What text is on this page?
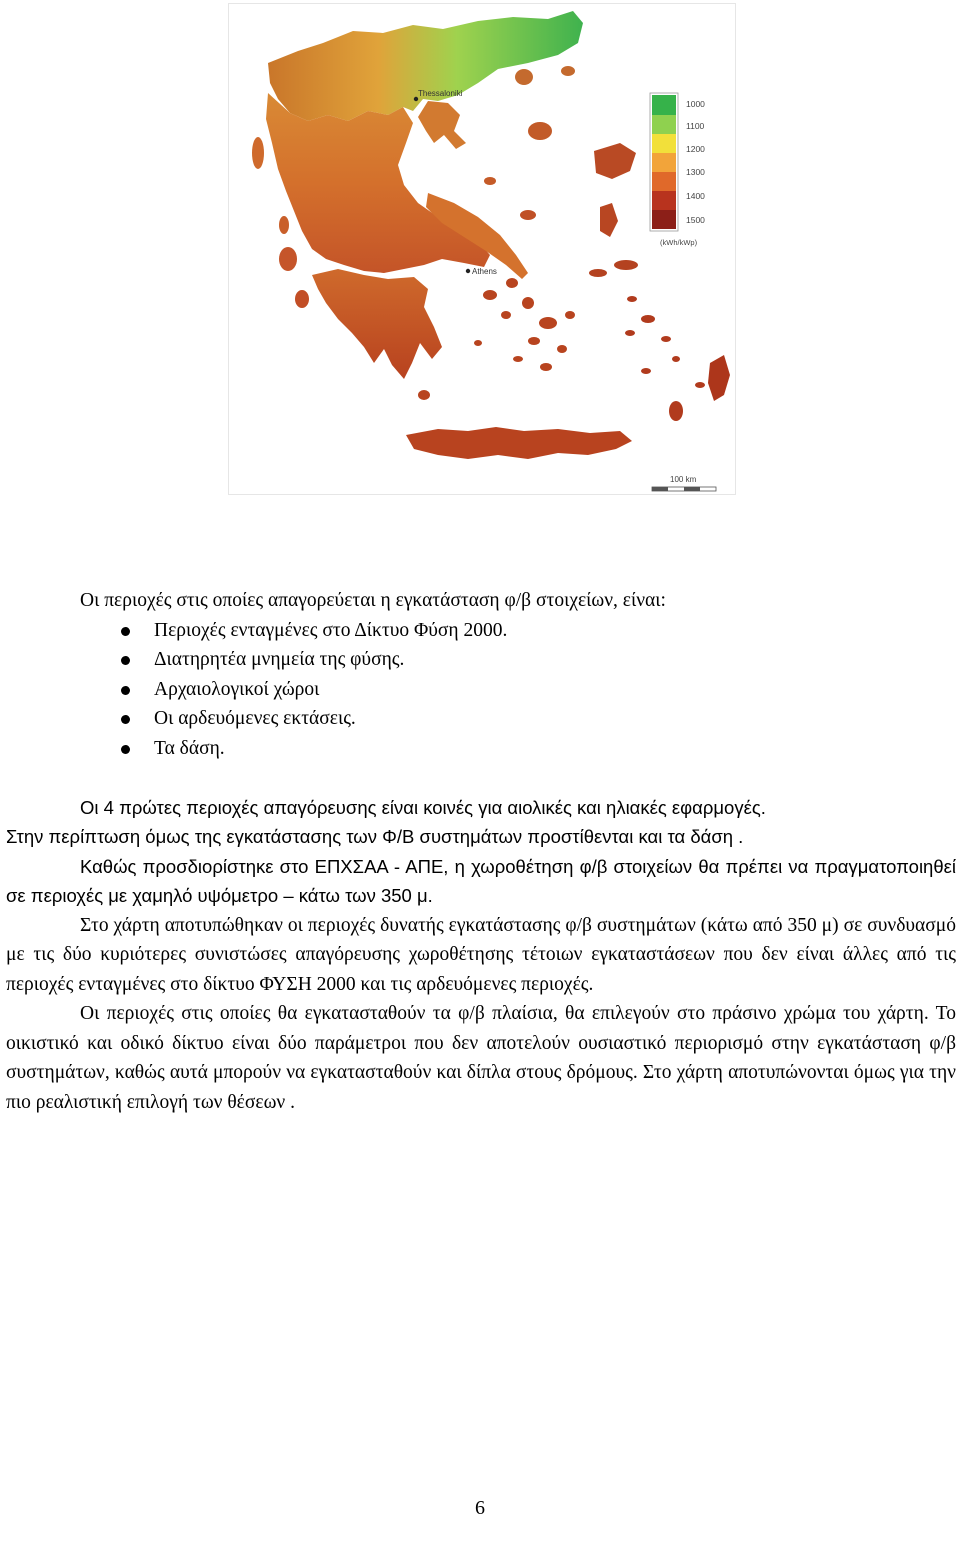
Thessaloniki
Athens
1000
1100
1200
1300
1400
1500
(kWh/kWp)
100 km

Οι περιοχές στις οποίες απαγορεύεται η εγκατάσταση φ/β στοιχείων, είναι:

Περιοχές ενταγμένες στο Δίκτυο Φύση 2000.
Διατηρητέα μνημεία της φύσης.
Αρχαιολογικοί χώροι
Οι αρδευόμενες εκτάσεις.
Τα δάση.

Οι 4 πρώτες περιοχές απαγόρευσης είναι κοινές για αιολικές και ηλιακές εφαρμογές.

Στην περίπτωση όμως της εγκατάστασης των Φ/Β συστημάτων προστίθενται και τα δάση .

Καθώς προσδιορίστηκε στο ΕΠΧΣΑΑ - ΑΠΕ, η χωροθέτηση φ/β στοιχείων θα πρέπει να πραγματοποιηθεί σε περιοχές με χαμηλό υψόμετρο – κάτω των 350 μ.

Στο χάρτη αποτυπώθηκαν οι περιοχές δυνατής εγκατάστασης φ/β συστημάτων (κάτω από 350 μ) σε συνδυασμό με τις δύο κυριότερες συνιστώσες απαγόρευσης χωροθέτησης τέτοιων εγκαταστάσεων που δεν είναι άλλες από τις περιοχές ενταγμένες στο δίκτυο ΦΥΣΗ 2000 και τις αρδευόμενες περιοχές.

Οι περιοχές στις οποίες θα εγκατασταθούν τα φ/β πλαίσια, θα επιλεγούν στο πράσινο χρώμα του χάρτη. Το οικιστικό και οδικό δίκτυο είναι δύο παράμετροι που δεν αποτελούν ουσιαστικό περιορισμό στην εγκατάσταση φ/β συστημάτων, καθώς αυτά μπορούν να εγκατασταθούν και δίπλα στους δρόμους. Στο χάρτη αποτυπώνονται όμως για την πιο ρεαλιστική επιλογή των θέσεων .

6
